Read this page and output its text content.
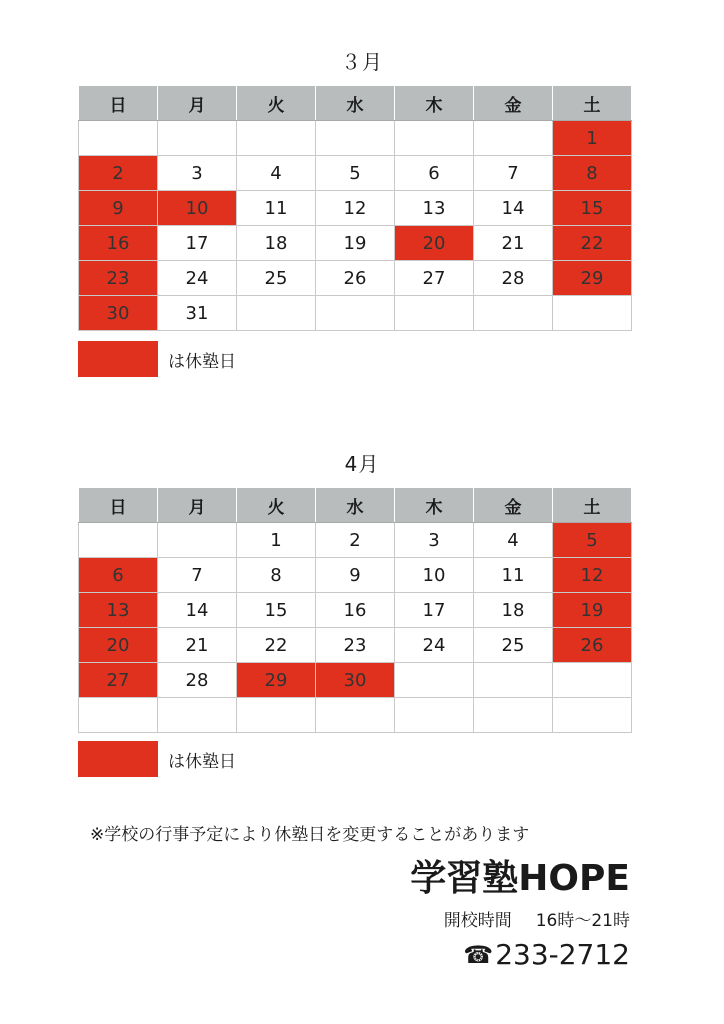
３月
日	月	火	水	木	金	土
						1
2	3	4	5	6	7	8
9	10	11	12	13	14	15
16	17	18	19	20	21	22
23	24	25	26	27	28	29
30	31					
は休塾日
4月
日	月	火	水	木	金	土
		1	2	3	4	5
6	7	8	9	10	11	12
13	14	15	16	17	18	19
20	21	22	23	24	25	26
27	28	29	30			

は休塾日
※学校の行事予定により休塾日を変更することがあります
学習塾HOPE
開校時間 16時〜21時
☎ 233-2712
